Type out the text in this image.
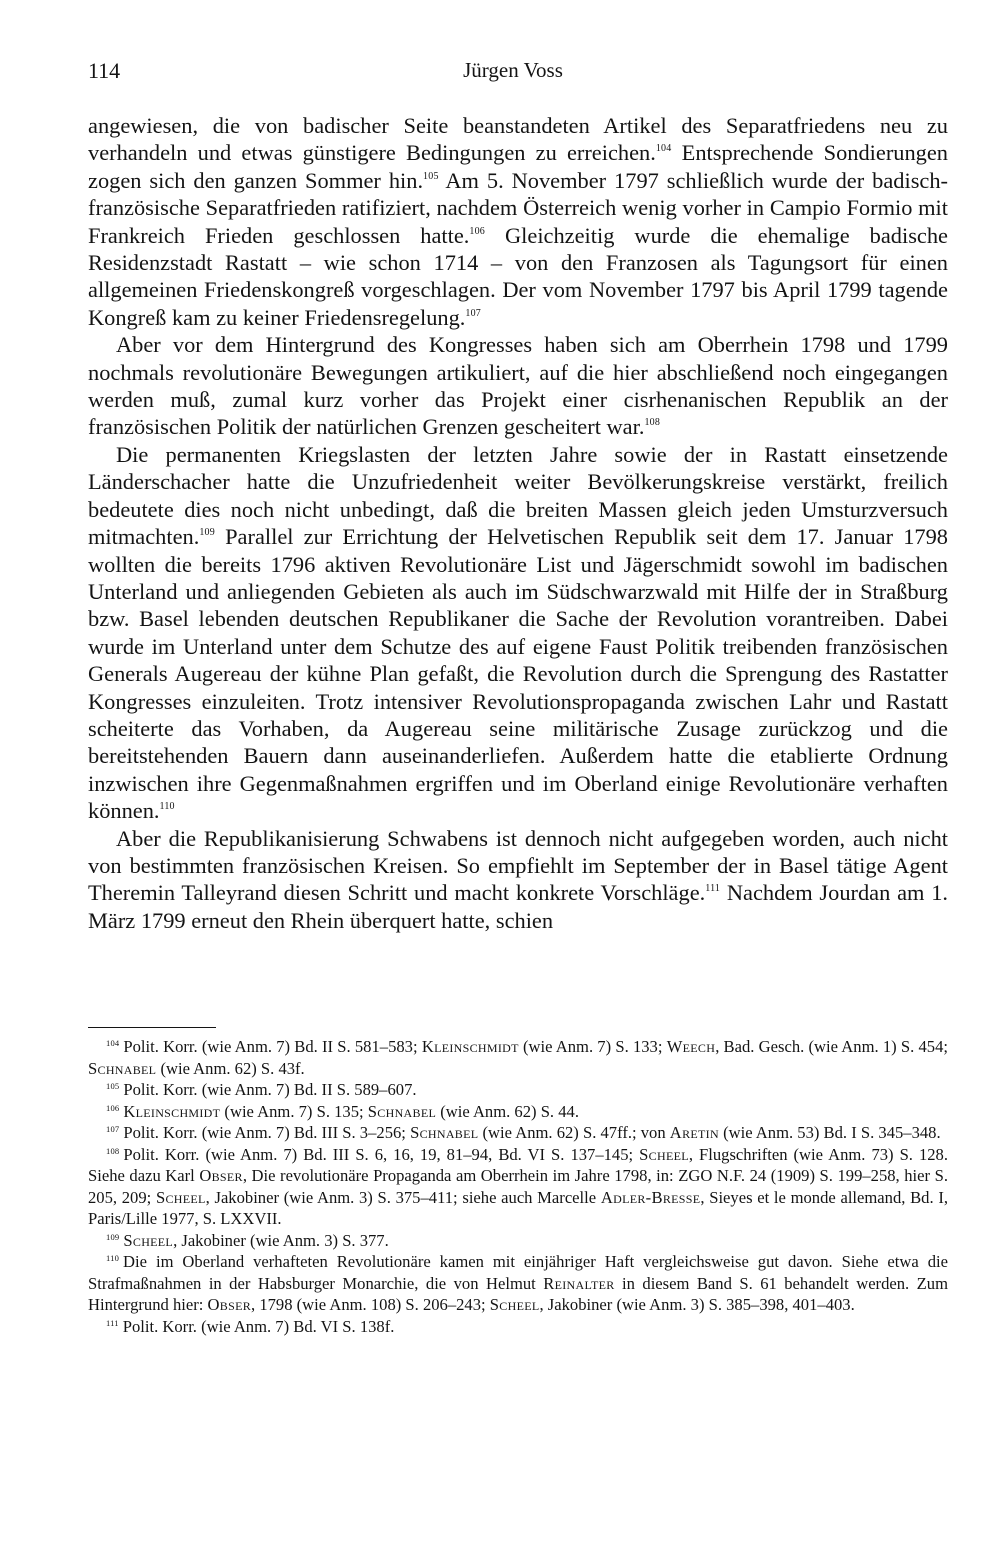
114	Jürgen Voss

angewiesen, die von badischer Seite beanstandeten Artikel des Separatfriedens neu zu verhandeln und etwas günstigere Bedingungen zu erreichen.$^{104}$ Entsprechende Sondierungen zogen sich den ganzen Sommer hin.$^{105}$ Am 5. November 1797 schließlich wurde der badisch-französische Separatfrieden ratifiziert, nachdem Österreich wenig vorher in Campio Formio mit Frankreich Frieden geschlossen hatte.$^{106}$ Gleichzeitig wurde die ehemalige badische Residenzstadt Rastatt – wie schon 1714 – von den Franzosen als Tagungsort für einen allgemeinen Friedenskongreß vorgeschlagen. Der vom November 1797 bis April 1799 tagende Kongreß kam zu keiner Friedensregelung.$^{107}$

Aber vor dem Hintergrund des Kongresses haben sich am Oberrhein 1798 und 1799 nochmals revolutionäre Bewegungen artikuliert, auf die hier abschließend noch eingegangen werden muß, zumal kurz vorher das Projekt einer cisrhenanischen Republik an der französischen Politik der natürlichen Grenzen gescheitert war.$^{108}$

Die permanenten Kriegslasten der letzten Jahre sowie der in Rastatt einsetzende Länderschacher hatte die Unzufriedenheit weiter Bevölkerungskreise verstärkt, freilich bedeutete dies noch nicht unbedingt, daß die breiten Massen gleich jeden Umsturzversuch mitmachten.$^{109}$ Parallel zur Errichtung der Helvetischen Republik seit dem 17. Januar 1798 wollten die bereits 1796 aktiven Revolutionäre List und Jägerschmidt sowohl im badischen Unterland und anliegenden Gebieten als auch im Südschwarzwald mit Hilfe der in Straßburg bzw. Basel lebenden deutschen Republikaner die Sache der Revolution vorantreiben. Dabei wurde im Unterland unter dem Schutze des auf eigene Faust Politik treibenden französischen Generals Augereau der kühne Plan gefaßt, die Revolution durch die Sprengung des Rastatter Kongresses einzuleiten. Trotz intensiver Revolutionspropaganda zwischen Lahr und Rastatt scheiterte das Vorhaben, da Augereau seine militärische Zusage zurückzog und die bereitstehenden Bauern dann auseinanderliefen. Außerdem hatte die etablierte Ordnung inzwischen ihre Gegenmaßnahmen ergriffen und im Oberland einige Revolutionäre verhaften können.$^{110}$

Aber die Republikanisierung Schwabens ist dennoch nicht aufgegeben worden, auch nicht von bestimmten französischen Kreisen. So empfiehlt im September der in Basel tätige Agent Theremin Talleyrand diesen Schritt und macht konkrete Vorschläge.$^{111}$ Nachdem Jourdan am 1. März 1799 erneut den Rhein überquert hatte, schien

$^{104}$ Polit. Korr. (wie Anm. 7) Bd. II S. 581–583; Kleinschmidt (wie Anm. 7) S. 133; Weech, Bad. Gesch. (wie Anm. 1) S. 454; Schnabel (wie Anm. 62) S. 43f.

$^{105}$ Polit. Korr. (wie Anm. 7) Bd. II S. 589–607.

$^{106}$ Kleinschmidt (wie Anm. 7) S. 135; Schnabel (wie Anm. 62) S. 44.

$^{107}$ Polit. Korr. (wie Anm. 7) Bd. III S. 3–256; Schnabel (wie Anm. 62) S. 47ff.; von Aretin (wie Anm. 53) Bd. I S. 345–348.

$^{108}$ Polit. Korr. (wie Anm. 7) Bd. III S. 6, 16, 19, 81–94, Bd. VI S. 137–145; Scheel, Flugschriften (wie Anm. 73) S. 128. Siehe dazu Karl Obser, Die revolutionäre Propaganda am Oberrhein im Jahre 1798, in: ZGO N.F. 24 (1909) S. 199–258, hier S. 205, 209; Scheel, Jakobiner (wie Anm. 3) S. 375–411; siehe auch Marcelle Adler-Bresse, Sieyes et le monde allemand, Bd. I, Paris/Lille 1977, S. LXXVII.

$^{109}$ Scheel, Jakobiner (wie Anm. 3) S. 377.

$^{110}$ Die im Oberland verhafteten Revolutionäre kamen mit einjähriger Haft vergleichsweise gut davon. Siehe etwa die Strafmaßnahmen in der Habsburger Monarchie, die von Helmut Reinalter in diesem Band S. 61 behandelt werden. Zum Hintergrund hier: Obser, 1798 (wie Anm. 108) S. 206–243; Scheel, Jakobiner (wie Anm. 3) S. 385–398, 401–403.

$^{111}$ Polit. Korr. (wie Anm. 7) Bd. VI S. 138f.
